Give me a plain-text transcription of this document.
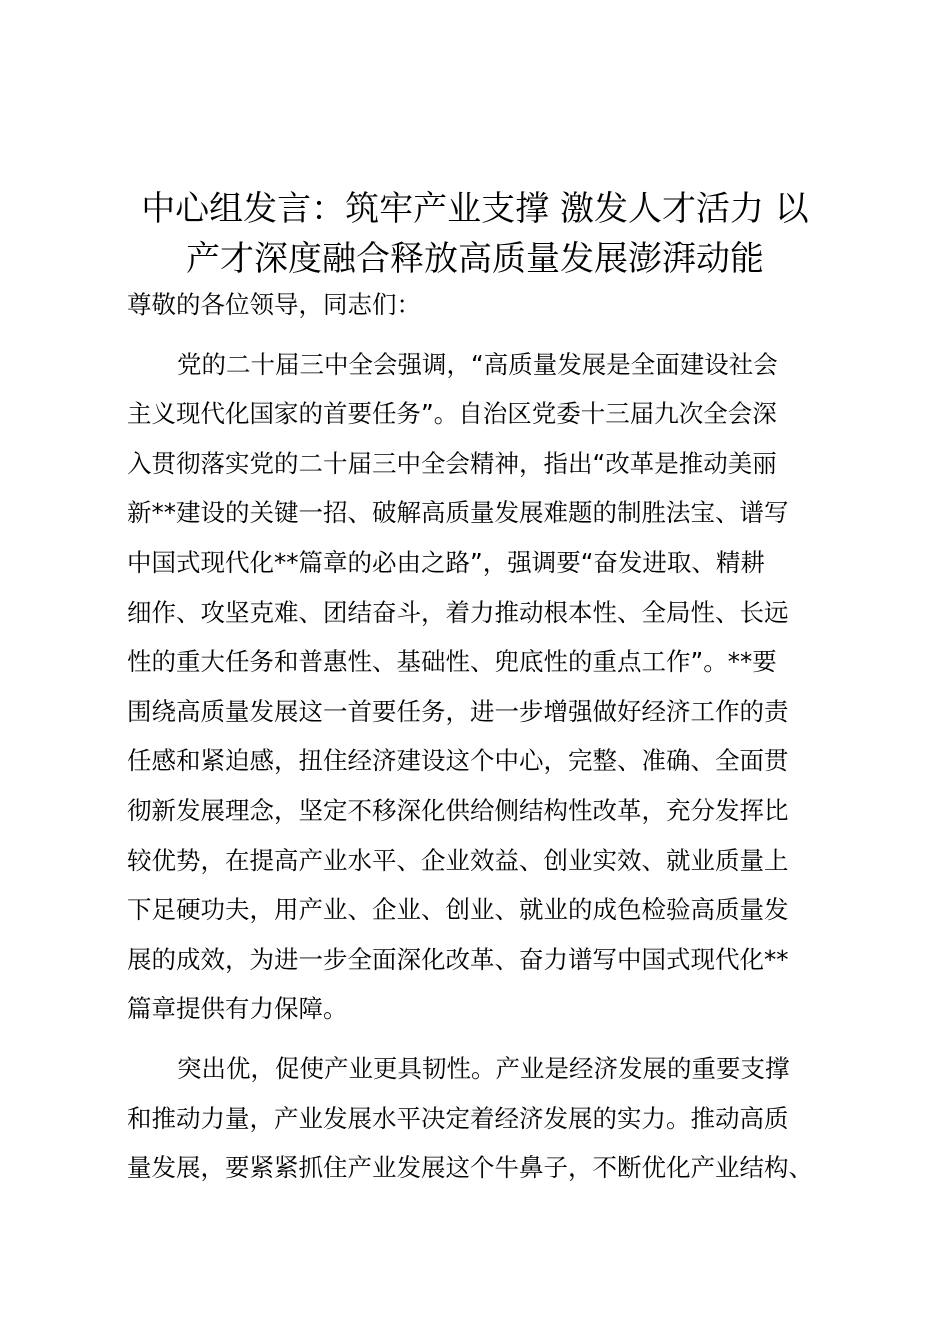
中心组发言：筑牢产业支撑 激发人才活力 以
产才深度融合释放高质量发展澎湃动能
尊敬的各位领导，同志们：
党的二十届三中全会强调，“高质量发展是全面建设社会
主义现代化国家的首要任务”。自治区党委十三届九次全会深
入贯彻落实党的二十届三中全会精神，指出“改革是推动美丽
新**建设的关键一招、破解高质量发展难题的制胜法宝、谱写
中国式现代化**篇章的必由之路”，强调要“奋发进取、精耕
细作、攻坚克难、团结奋斗，着力推动根本性、全局性、长远
性的重大任务和普惠性、基础性、兜底性的重点工作”。**要
围绕高质量发展这一首要任务，进一步增强做好经济工作的责
任感和紧迫感，扭住经济建设这个中心，完整、准确、全面贯
彻新发展理念，坚定不移深化供给侧结构性改革，充分发挥比
较优势，在提高产业水平、企业效益、创业实效、就业质量上
下足硬功夫，用产业、企业、创业、就业的成色检验高质量发
展的成效，为进一步全面深化改革、奋力谱写中国式现代化**
篇章提供有力保障。
突出优，促使产业更具韧性。产业是经济发展的重要支撑
和推动力量，产业发展水平决定着经济发展的实力。推动高质
量发展，要紧紧抓住产业发展这个牛鼻子，不断优化产业结构、
